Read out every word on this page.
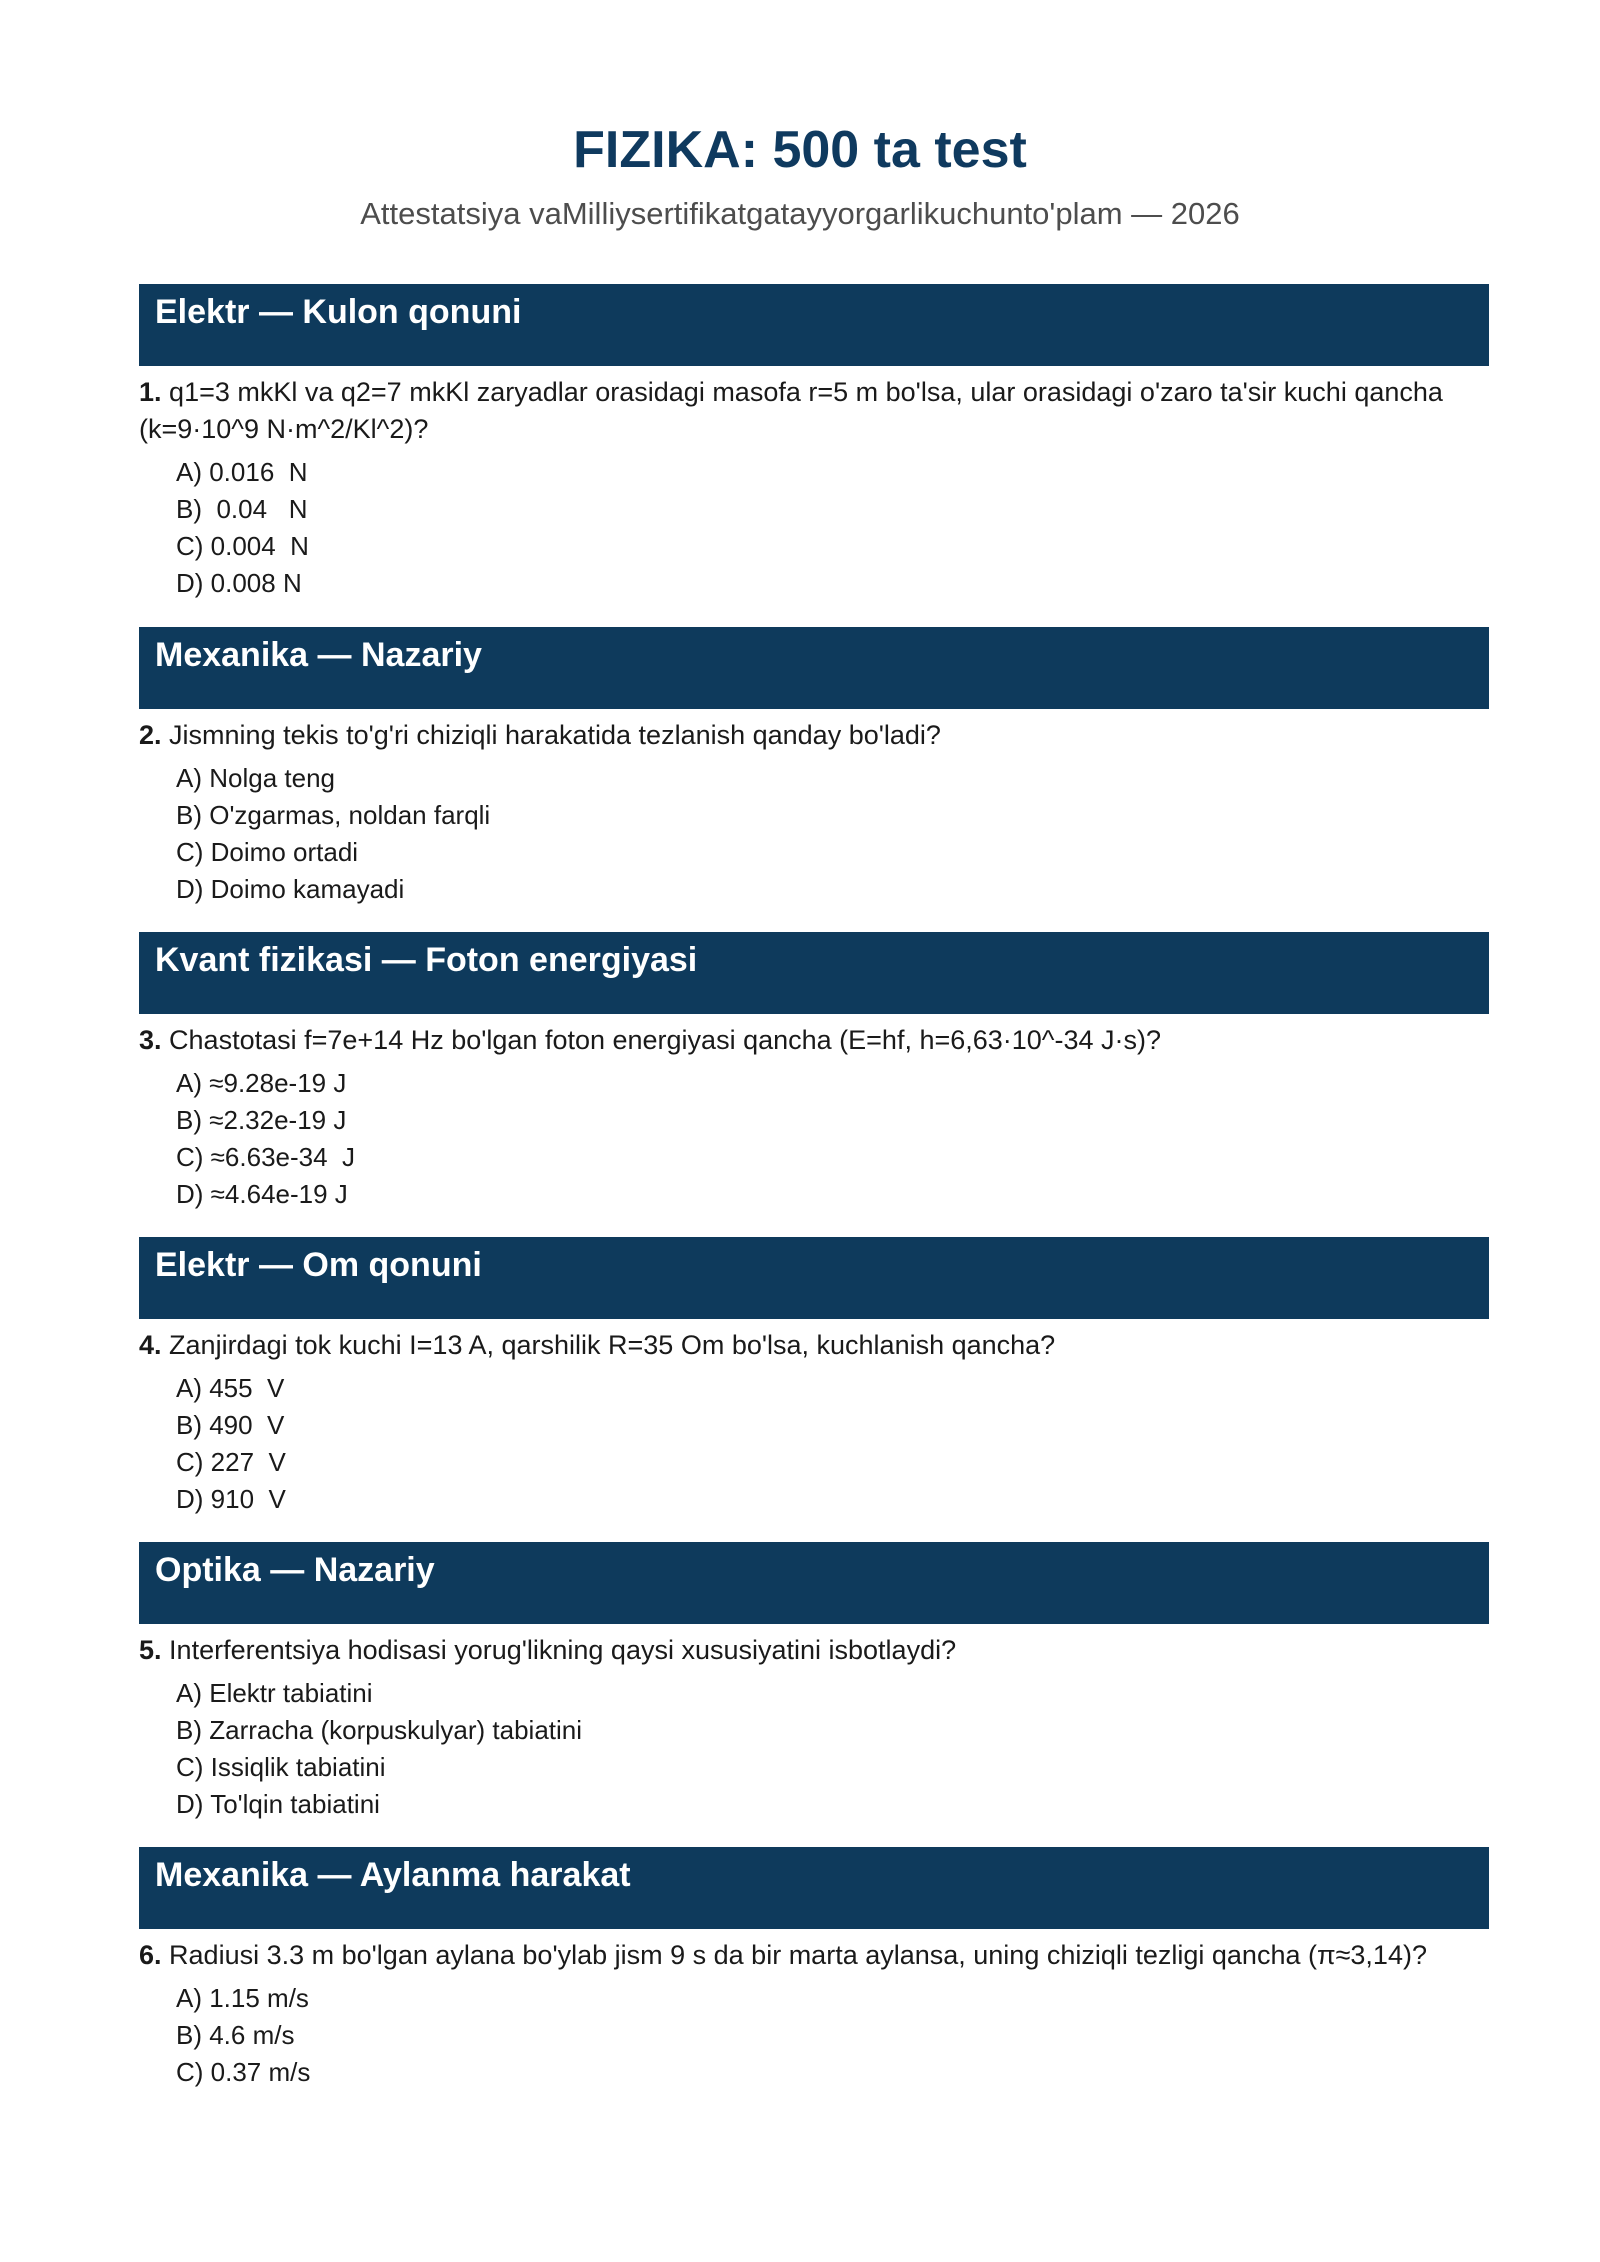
FIZIKA: 500 ta test
Attestatsiya vaMilliysertifikatgatayyorgarlikuchunto'plam — 2026
Elektr — Kulon qonuni
1. q1=3 mkKl va q2=7 mkKl zaryadlar orasidagi masofa r=5 m bo'lsa, ular orasidagi o'zaro ta'sir kuchi qancha (k=9·10^9 N·m^2/Kl^2)?
A) 0.016  N
B)  0.04   N
C) 0.004  N
D) 0.008 N
Mexanika — Nazariy
2. Jismning tekis to'g'ri chiziqli harakatida tezlanish qanday bo'ladi?
A) Nolga teng
B) O'zgarmas, noldan farqli
C) Doimo ortadi
D) Doimo kamayadi
Kvant fizikasi — Foton energiyasi
3. Chastotasi f=7e+14 Hz bo'lgan foton energiyasi qancha (E=hf, h=6,63·10^-34 J·s)?
A) ≈9.28e-19 J
B) ≈2.32e-19 J
C) ≈6.63e-34  J
D) ≈4.64e-19 J
Elektr — Om qonuni
4. Zanjirdagi tok kuchi I=13 A, qarshilik R=35 Om bo'lsa, kuchlanish qancha?
A) 455  V
B) 490  V
C) 227  V
D) 910  V
Optika — Nazariy
5. Interferentsiya hodisasi yorug'likning qaysi xususiyatini isbotlaydi?
A) Elektr tabiatini
B) Zarracha (korpuskulyar) tabiatini
C) Issiqlik tabiatini
D) To'lqin tabiatini
Mexanika — Aylanma harakat
6. Radiusi 3.3 m bo'lgan aylana bo'ylab jism 9 s da bir marta aylansa, uning chiziqli tezligi qancha (π≈3,14)?
A) 1.15 m/s
B) 4.6 m/s
C) 0.37 m/s
